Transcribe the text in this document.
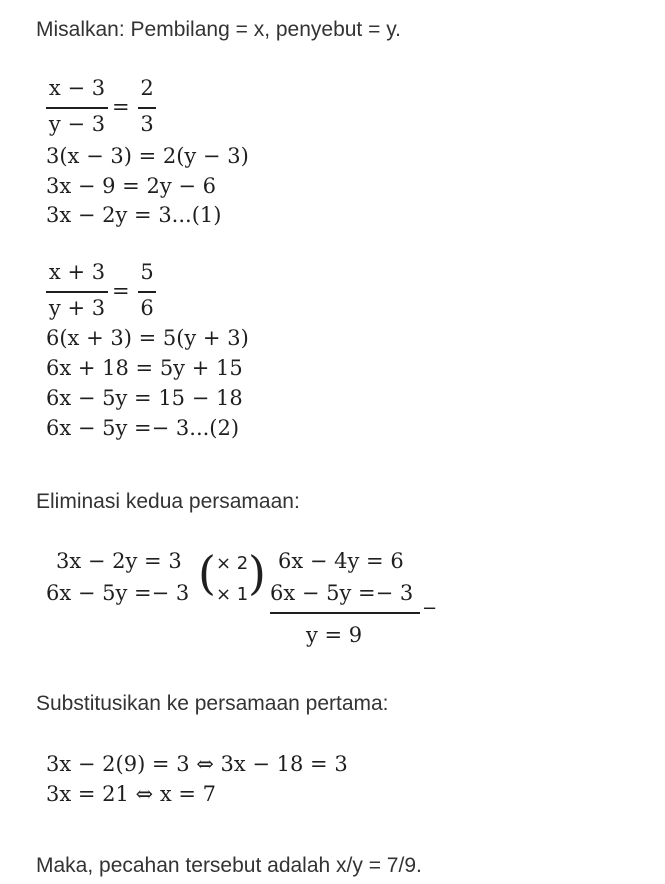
Misalkan: Pembilang = x, penyebut = y.
x − 3
y − 3
=
2
3
3(x − 3) = 2(y − 3)
3x − 9 = 2y − 6
3x − 2y = 3...(1)
x + 3
y + 3
=
5
6
6(x + 3) = 5(y + 3)
6x + 18 = 5y + 15
6x − 5y = 15 − 18
6x − 5y =− 3...(2)
Eliminasi kedua persamaan:
3x − 2y = 3
6x − 5y =− 3 ( × 2
× 1 ) 6x − 4y = 6
6x − 5y =− 3
−
y = 9
Substitusikan ke persamaan pertama:
3x − 2(9) = 3 ⇔ 3x − 18 = 3
3x = 21 ⇔ x = 7
Maka, pecahan tersebut adalah x/y = 7/9.
